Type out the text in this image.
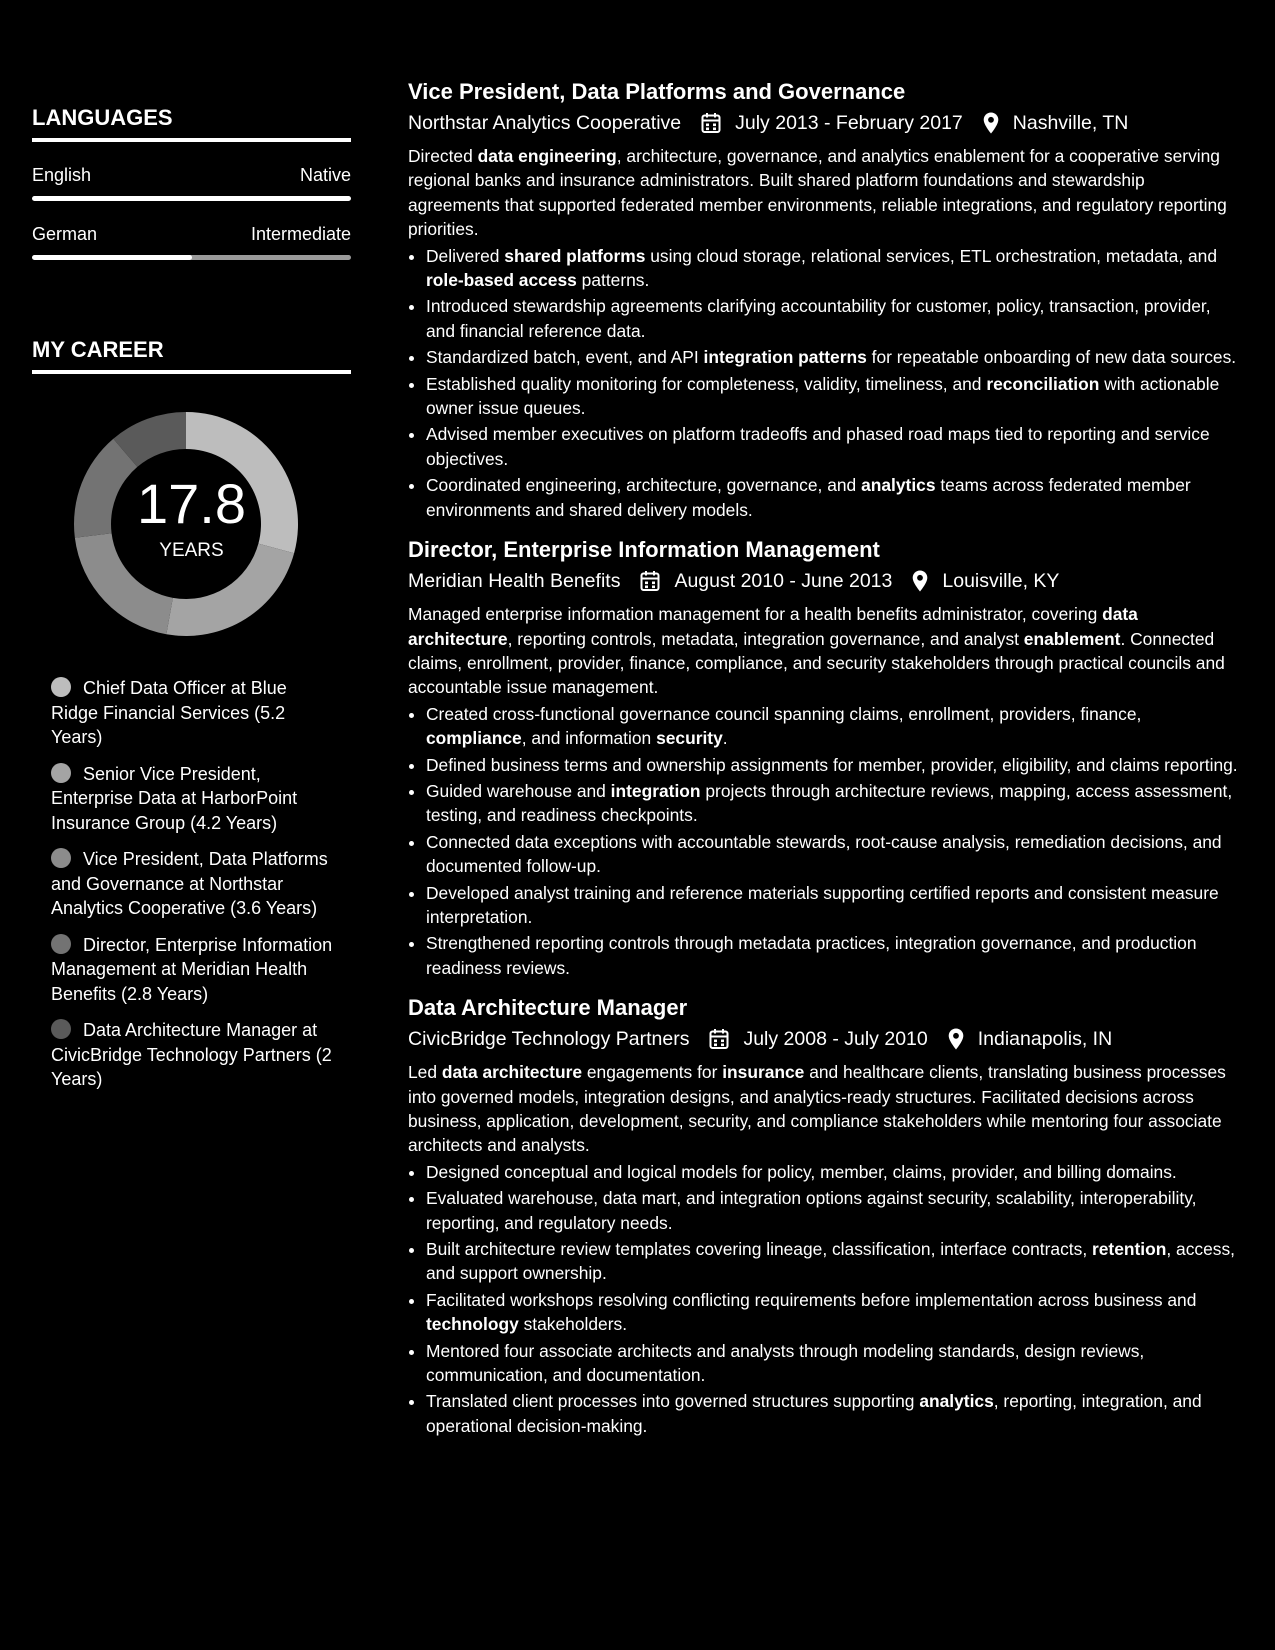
LANGUAGES
English	Native
German	Intermediate
MY CAREER
17.8
YEARS
Chief Data Officer at Blue Ridge Financial Services (5.2 Years)
Senior Vice President, Enterprise Data at HarborPoint Insurance Group (4.2 Years)
Vice President, Data Platforms and Governance at Northstar Analytics Cooperative (3.6 Years)
Director, Enterprise Information Management at Meridian Health Benefits (2.8 Years)
Data Architecture Manager at CivicBridge Technology Partners (2 Years)
Vice President, Data Platforms and Governance
Northstar Analytics Cooperative	July 2013 - February 2017	Nashville, TN

Directed data engineering, architecture, governance, and analytics enablement for a cooperative serving regional banks and insurance administrators. Built shared platform foundations and stewardship agreements that supported federated member environments, reliable integrations, and regulatory reporting priorities.

• Delivered shared platforms using cloud storage, relational services, ETL orchestration, metadata, and role-based access patterns.
• Introduced stewardship agreements clarifying accountability for customer, policy, transaction, provider, and financial reference data.
• Standardized batch, event, and API integration patterns for repeatable onboarding of new data sources.
• Established quality monitoring for completeness, validity, timeliness, and reconciliation with actionable owner issue queues.
• Advised member executives on platform tradeoffs and phased road maps tied to reporting and service objectives.
• Coordinated engineering, architecture, governance, and analytics teams across federated member environments and shared delivery models.
Director, Enterprise Information Management
Meridian Health Benefits	August 2010 - June 2013	Louisville, KY

Managed enterprise information management for a health benefits administrator, covering data architecture, reporting controls, metadata, integration governance, and analyst enablement. Connected claims, enrollment, provider, finance, compliance, and security stakeholders through practical councils and accountable issue management.

• Created cross-functional governance council spanning claims, enrollment, providers, finance, compliance, and information security.
• Defined business terms and ownership assignments for member, provider, eligibility, and claims reporting.
• Guided warehouse and integration projects through architecture reviews, mapping, access assessment, testing, and readiness checkpoints.
• Connected data exceptions with accountable stewards, root-cause analysis, remediation decisions, and documented follow-up.
• Developed analyst training and reference materials supporting certified reports and consistent measure interpretation.
• Strengthened reporting controls through metadata practices, integration governance, and production readiness reviews.
Data Architecture Manager
CivicBridge Technology Partners	July 2008 - July 2010	Indianapolis, IN

Led data architecture engagements for insurance and healthcare clients, translating business processes into governed models, integration designs, and analytics-ready structures. Facilitated decisions across business, application, development, security, and compliance stakeholders while mentoring four associate architects and analysts.

• Designed conceptual and logical models for policy, member, claims, provider, and billing domains.
• Evaluated warehouse, data mart, and integration options against security, scalability, interoperability, reporting, and regulatory needs.
• Built architecture review templates covering lineage, classification, interface contracts, retention, access, and support ownership.
• Facilitated workshops resolving conflicting requirements before implementation across business and technology stakeholders.
• Mentored four associate architects and analysts through modeling standards, design reviews, communication, and documentation.
• Translated client processes into governed structures supporting analytics, reporting, integration, and operational decision-making.
